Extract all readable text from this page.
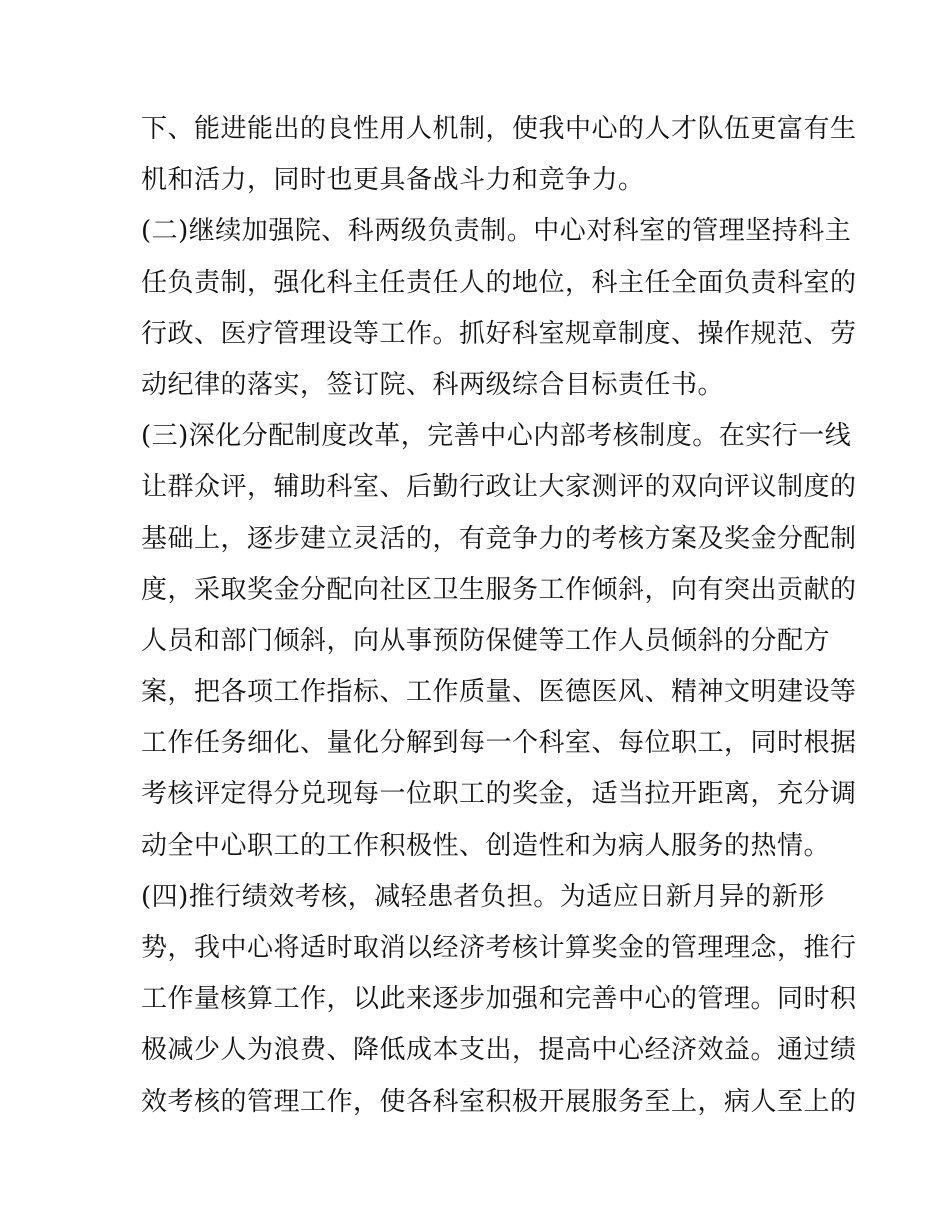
下、能进能出的良性用人机制，使我中心的人才队伍更富有生
机和活力，同时也更具备战斗力和竞争力。
(二)继续加强院、科两级负责制。中心对科室的管理坚持科主
任负责制，强化科主任责任人的地位，科主任全面负责科室的
行政、医疗管理设等工作。抓好科室规章制度、操作规范、劳
动纪律的落实，签订院、科两级综合目标责任书。
(三)深化分配制度改革，完善中心内部考核制度。在实行一线
让群众评，辅助科室、后勤行政让大家测评的双向评议制度的
基础上，逐步建立灵活的，有竞争力的考核方案及奖金分配制
度，采取奖金分配向社区卫生服务工作倾斜，向有突出贡献的
人员和部门倾斜，向从事预防保健等工作人员倾斜的分配方
案，把各项工作指标、工作质量、医德医风、精神文明建设等
工作任务细化、量化分解到每一个科室、每位职工，同时根据
考核评定得分兑现每一位职工的奖金，适当拉开距离，充分调
动全中心职工的工作积极性、创造性和为病人服务的热情。
(四)推行绩效考核，减轻患者负担。为适应日新月异的新形
势，我中心将适时取消以经济考核计算奖金的管理理念，推行
工作量核算工作，以此来逐步加强和完善中心的管理。同时积
极减少人为浪费、降低成本支出，提高中心经济效益。通过绩
效考核的管理工作，使各科室积极开展服务至上，病人至上的
